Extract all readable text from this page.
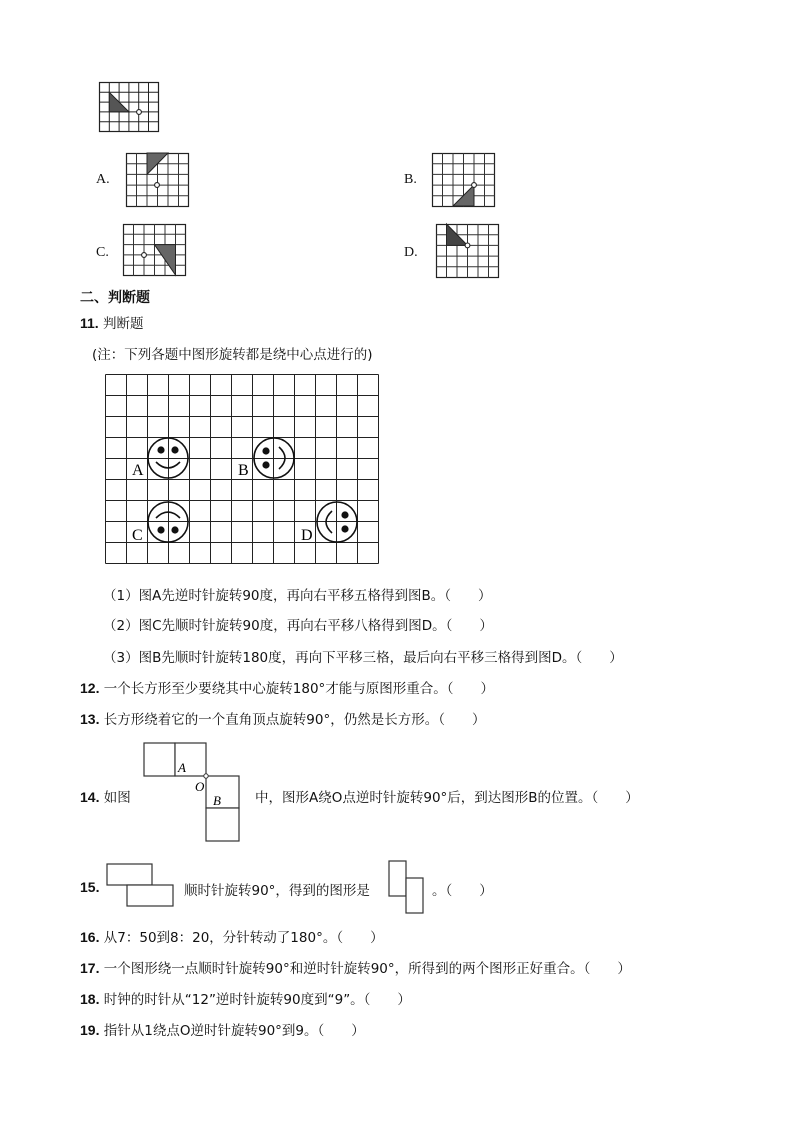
A.	B.
C.	D.
二、判断题
11. 判断题
(注：下列各题中图形旋转都是绕中心点进行的)
A	B
C	D
（1）图A先逆时针旋转90度，再向右平移五格得到图B。（　　）
（2）图C先顺时针旋转90度，再向右平移八格得到图D。（　　）
（3）图B先顺时针旋转180度，再向下平移三格，最后向右平移三格得到图D。（　　）
12. 一个长方形至少要绕其中心旋转180°才能与原图形重合。（　　）
13. 长方形绕着它的一个直角顶点旋转90°，仍然是长方形。（　　）
14. 如图
A
O
B	中，图形A绕O点逆时针旋转90°后，到达图形B的位置。（　　）
15.	顺时针旋转90°，得到的图形是	。（　　）
16. 从7：50到8：20，分针转动了180°。（　　）
17. 一个图形绕一点顺时针旋转90°和逆时针旋转90°，所得到的两个图形正好重合。（　　）
18. 时钟的时针从“12”逆时针旋转90度到“9”。（　　）
19. 指针从1绕点O逆时针旋转90°到9。（　　）
